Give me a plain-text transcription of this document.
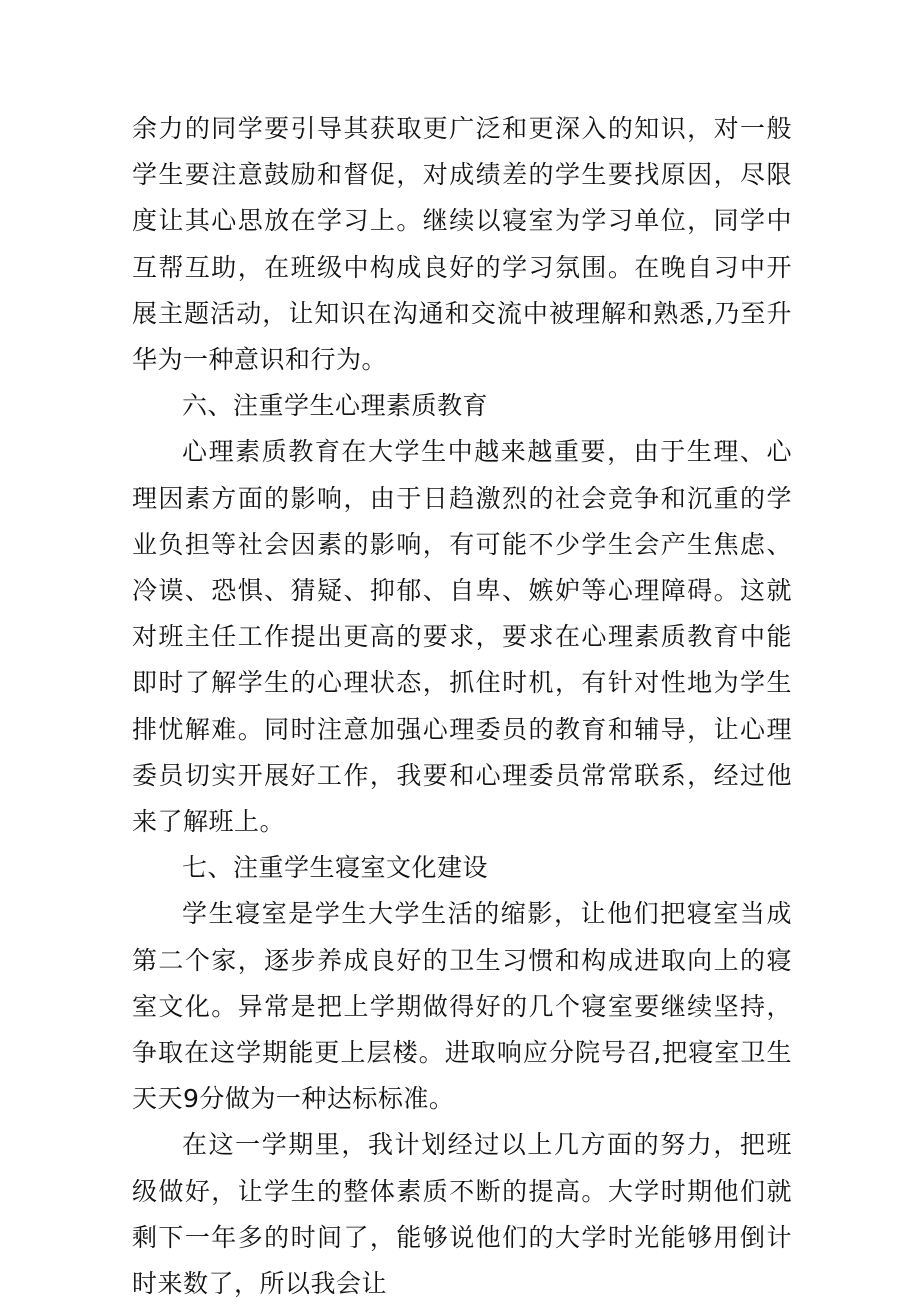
余力的同学要引导其获取更广泛和更深入的知识，对一般学生要注意鼓励和督促，对成绩差的学生要找原因，尽限度让其心思放在学习上。继续以寝室为学习单位，同学中互帮互助，在班级中构成良好的学习氛围。在晚自习中开展主题活动，让知识在沟通和交流中被理解和熟悉,乃至升华为一种意识和行为。

六、注重学生心理素质教育

心理素质教育在大学生中越来越重要，由于生理、心理因素方面的影响，由于日趋激烈的社会竞争和沉重的学业负担等社会因素的影响，有可能不少学生会产生焦虑、冷谟、恐惧、猜疑、抑郁、自卑、嫉妒等心理障碍。这就对班主任工作提出更高的要求，要求在心理素质教育中能即时了解学生的心理状态，抓住时机，有针对性地为学生排忧解难。同时注意加强心理委员的教育和辅导，让心理委员切实开展好工作，我要和心理委员常常联系，经过他来了解班上。

七、注重学生寝室文化建设

学生寝室是学生大学生活的缩影，让他们把寝室当成第二个家，逐步养成良好的卫生习惯和构成进取向上的寝室文化。异常是把上学期做得好的几个寝室要继续坚持，争取在这学期能更上层楼。进取响应分院号召,把寝室卫生天天9分做为一种达标标准。

在这一学期里，我计划经过以上几方面的努力，把班级做好，让学生的整体素质不断的提高。大学时期他们就剩下一年多的时间了，能够说他们的大学时光能够用倒计时来数了，所以我会让
